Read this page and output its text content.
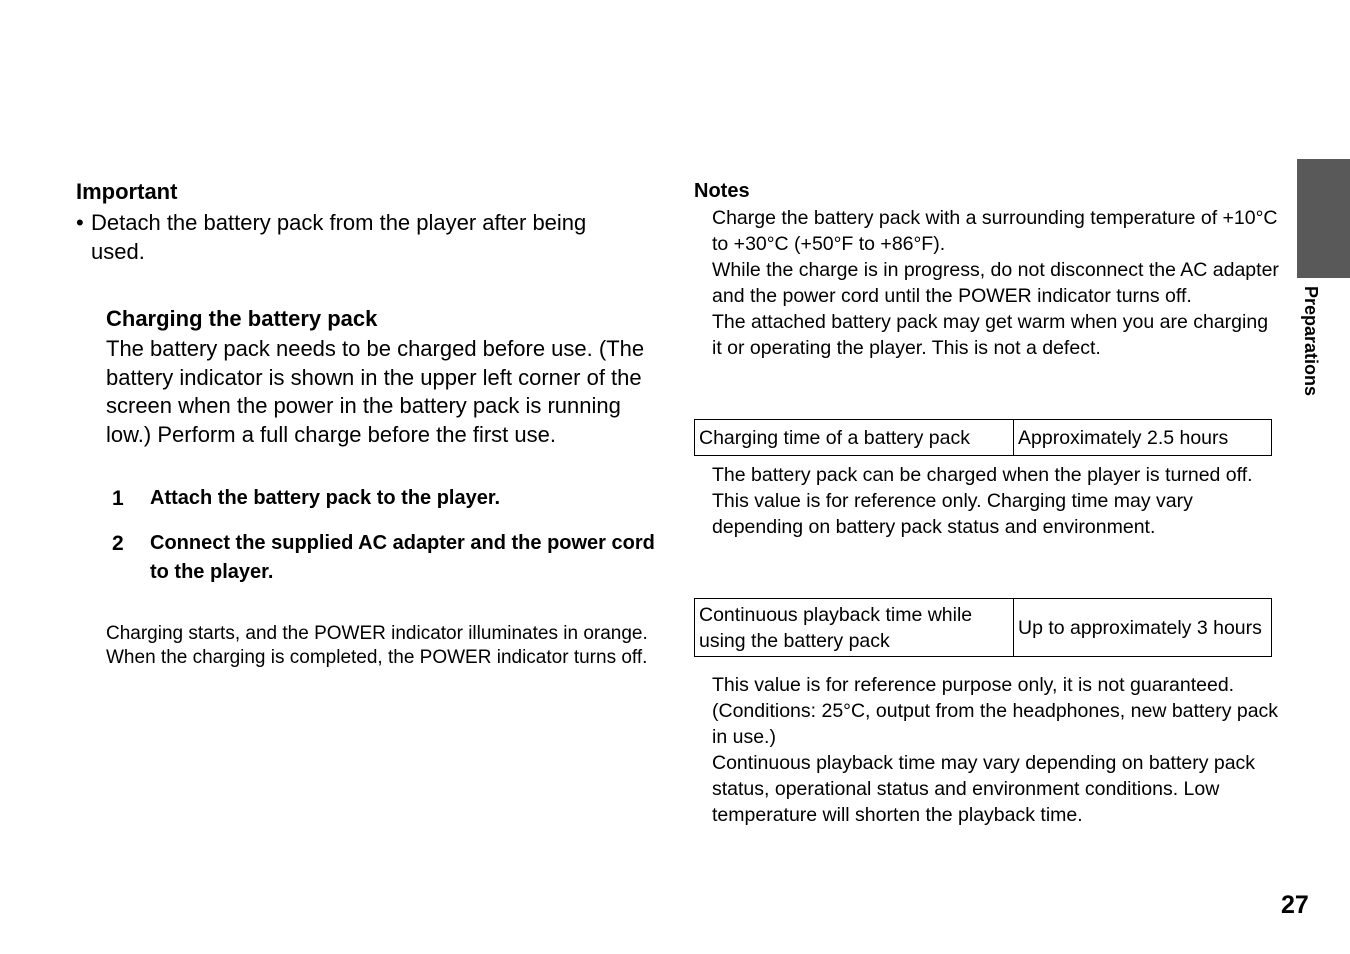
Important
• Detach the battery pack from the player after being used.
Charging the battery pack
The battery pack needs to be charged before use. (The battery indicator is shown in the upper left corner of the screen when the power in the battery pack is running low.) Perform a full charge before the first use.
1	Attach the battery pack to the player.
2	Connect the supplied AC adapter and the power cord to the player.
Charging starts, and the POWER indicator illuminates in orange.
When the charging is completed, the POWER indicator turns off.
Notes

Charge the battery pack with a surrounding temperature of +10°C to +30°C (+50°F to +86°F).

While the charge is in progress, do not disconnect the AC adapter and the power cord until the POWER indicator turns off.

The attached battery pack may get warm when you are charging it or operating the player. This is not a defect.

Charging time of a battery pack	Approximately 2.5 hours

The battery pack can be charged when the player is turned off.

This value is for reference only. Charging time may vary depending on battery pack status and environment.

Continuous playback time while using the battery pack	Up to approximately 3 hours

This value is for reference purpose only, it is not guaranteed. (Conditions: 25°C, output from the headphones, new battery pack in use.)

Continuous playback time may vary depending on battery pack status, operational status and environment conditions. Low temperature will shorten the playback time.

Preparations
27
